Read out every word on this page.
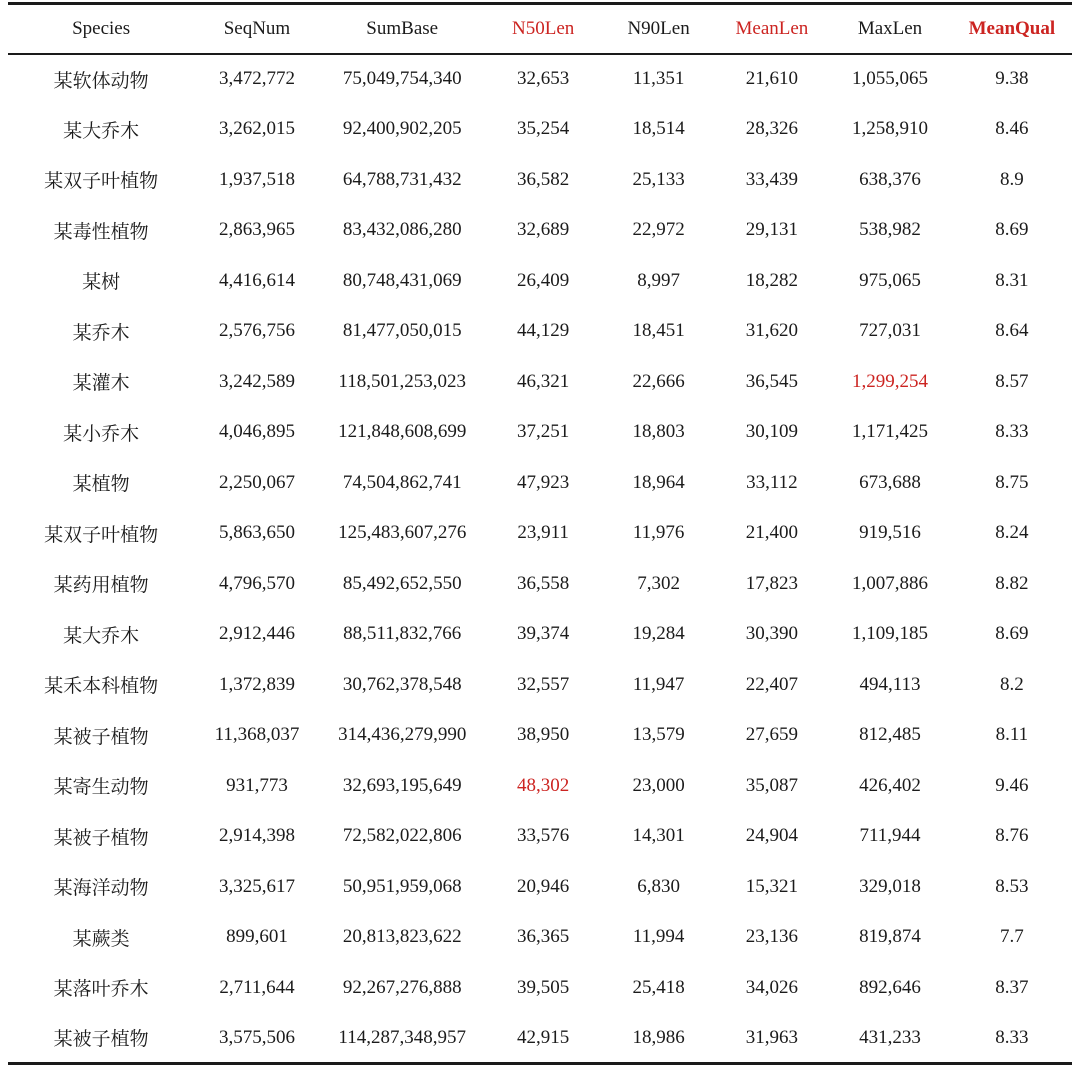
Species	SeqNum	SumBase	N50Len	N90Len	MeanLen	MaxLen	MeanQual
某软体动物	3,472,772	75,049,754,340	32,653	11,351	21,610	1,055,065	9.38
某大乔木	3,262,015	92,400,902,205	35,254	18,514	28,326	1,258,910	8.46
某双子叶植物	1,937,518	64,788,731,432	36,582	25,133	33,439	638,376	8.9
某毒性植物	2,863,965	83,432,086,280	32,689	22,972	29,131	538,982	8.69
某树	4,416,614	80,748,431,069	26,409	8,997	18,282	975,065	8.31
某乔木	2,576,756	81,477,050,015	44,129	18,451	31,620	727,031	8.64
某灌木	3,242,589	118,501,253,023	46,321	22,666	36,545	1,299,254	8.57
某小乔木	4,046,895	121,848,608,699	37,251	18,803	30,109	1,171,425	8.33
某植物	2,250,067	74,504,862,741	47,923	18,964	33,112	673,688	8.75
某双子叶植物	5,863,650	125,483,607,276	23,911	11,976	21,400	919,516	8.24
某药用植物	4,796,570	85,492,652,550	36,558	7,302	17,823	1,007,886	8.82
某大乔木	2,912,446	88,511,832,766	39,374	19,284	30,390	1,109,185	8.69
某禾本科植物	1,372,839	30,762,378,548	32,557	11,947	22,407	494,113	8.2
某被子植物	11,368,037	314,436,279,990	38,950	13,579	27,659	812,485	8.11
某寄生动物	931,773	32,693,195,649	48,302	23,000	35,087	426,402	9.46
某被子植物	2,914,398	72,582,022,806	33,576	14,301	24,904	711,944	8.76
某海洋动物	3,325,617	50,951,959,068	20,946	6,830	15,321	329,018	8.53
某蕨类	899,601	20,813,823,622	36,365	11,994	23,136	819,874	7.7
某落叶乔木	2,711,644	92,267,276,888	39,505	25,418	34,026	892,646	8.37
某被子植物	3,575,506	114,287,348,957	42,915	18,986	31,963	431,233	8.33
